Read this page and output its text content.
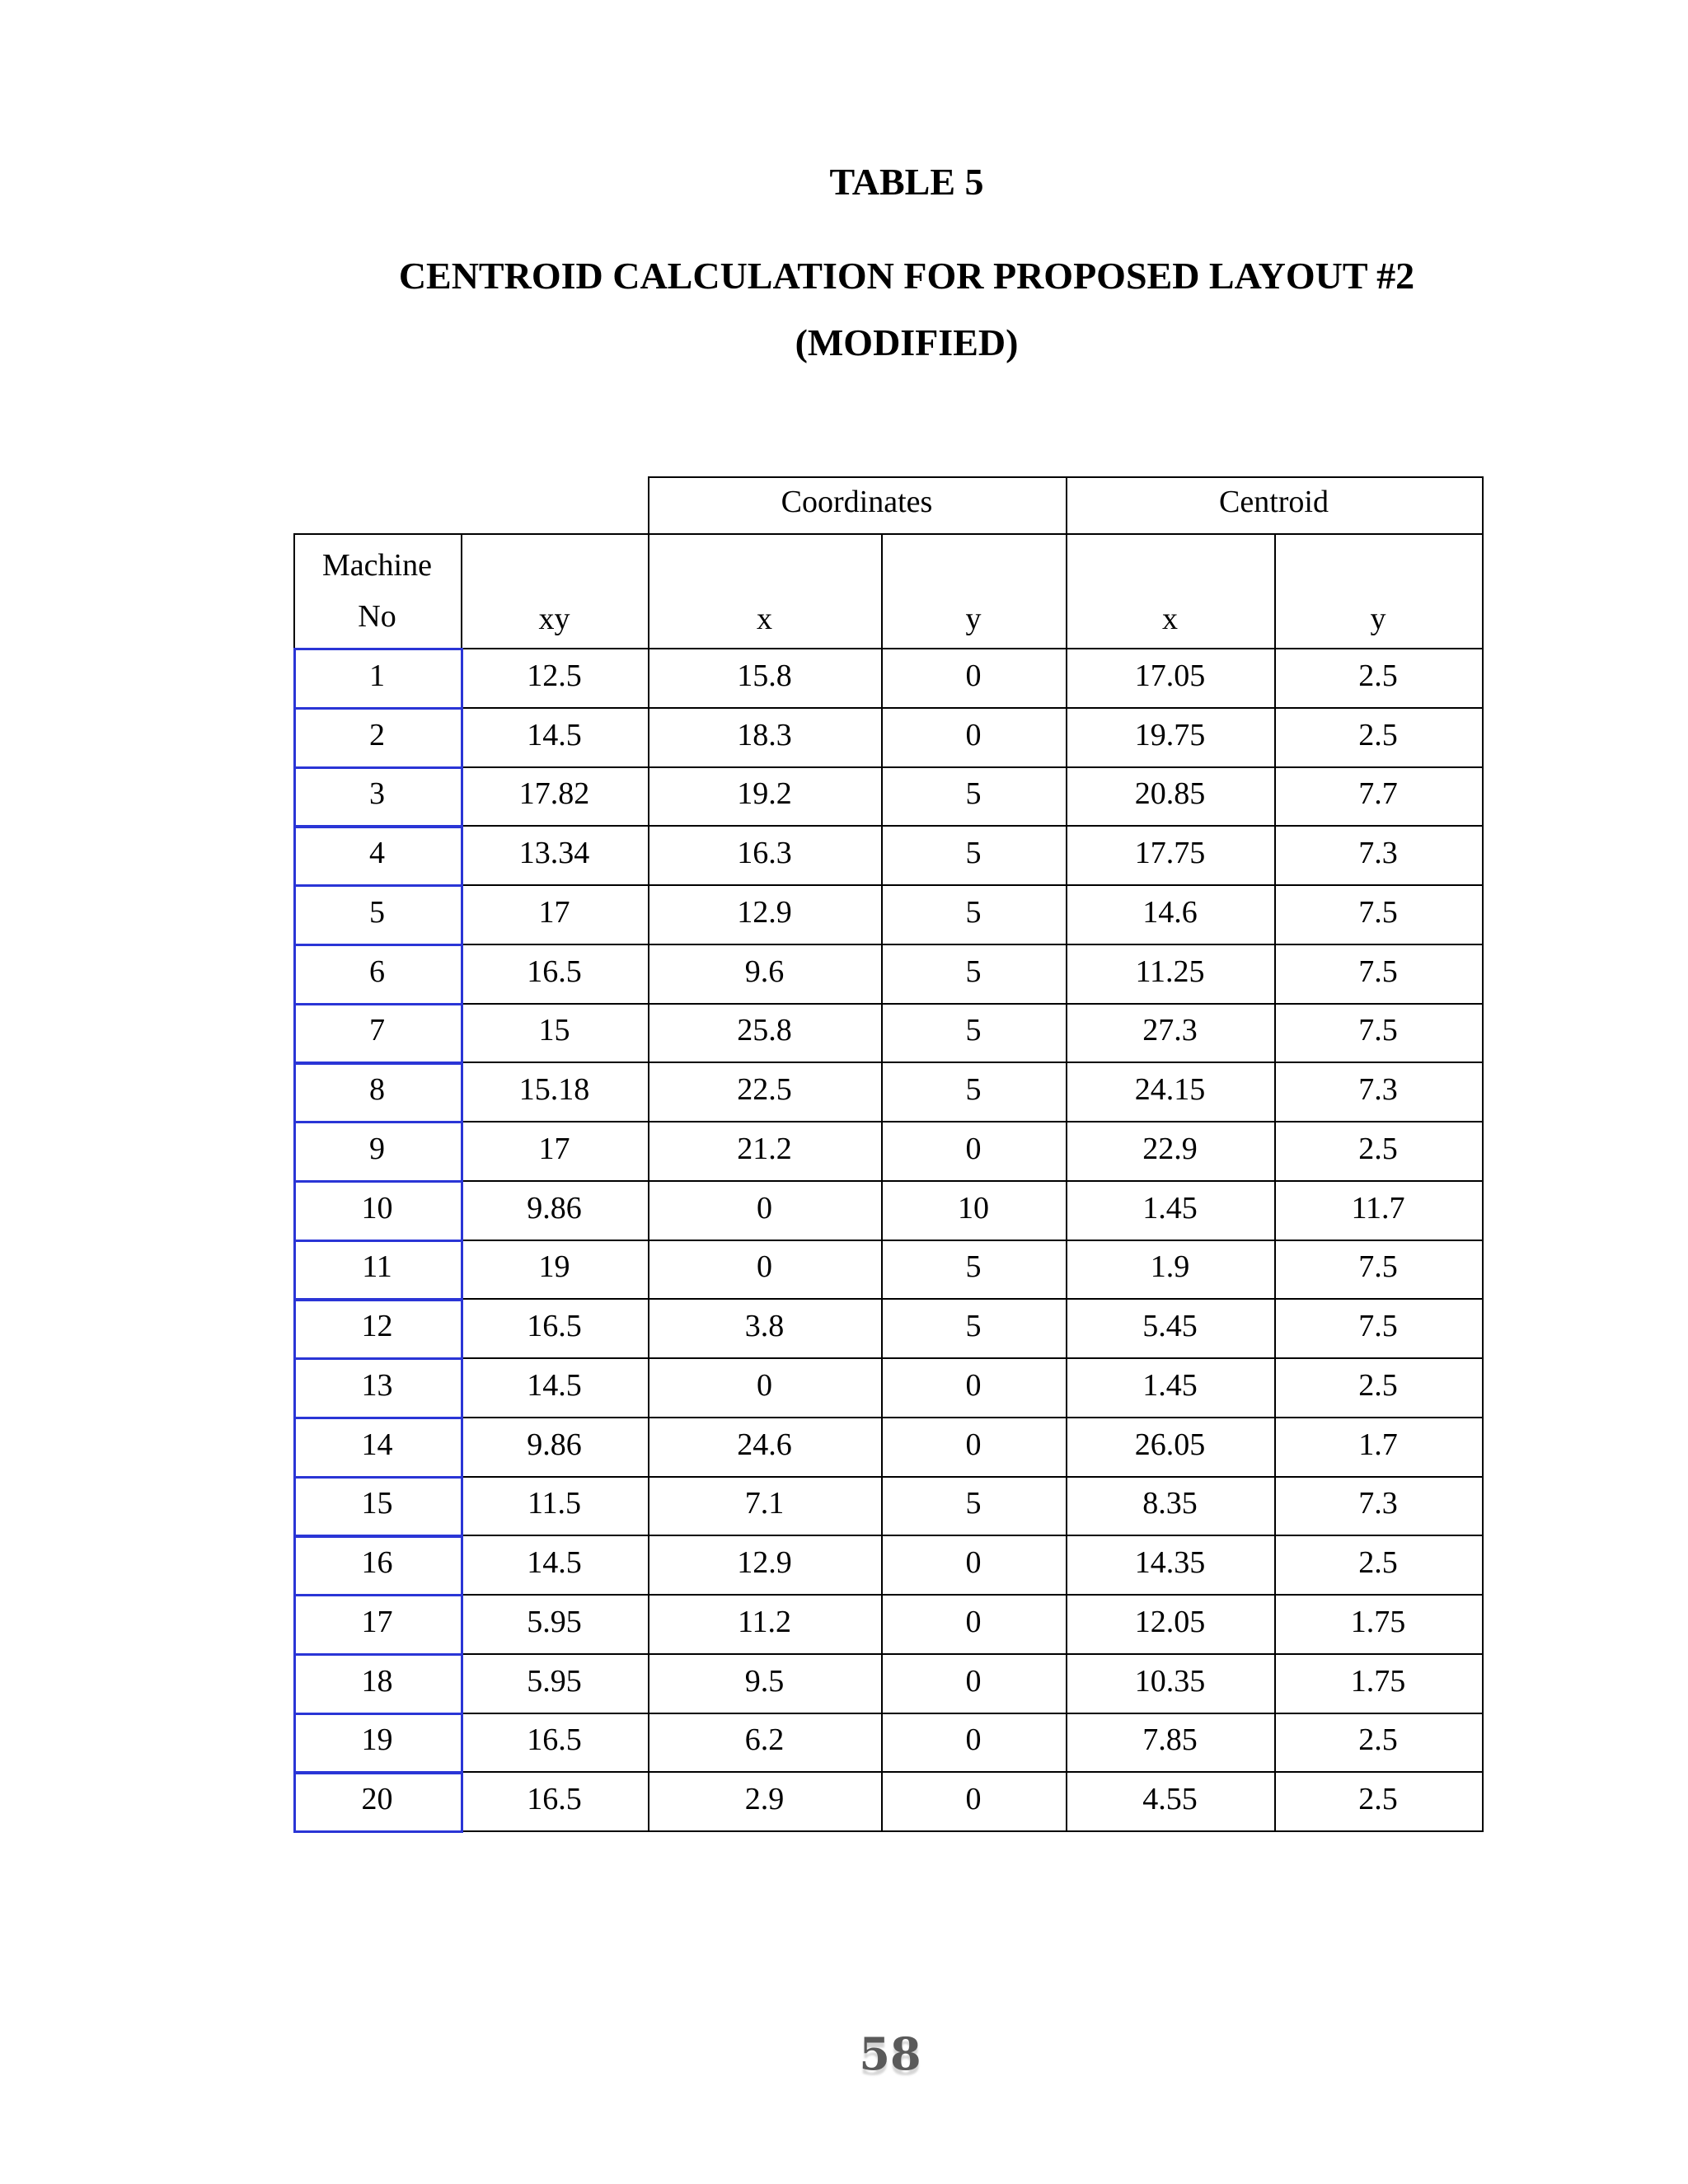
TABLE 5
CENTROID CALCULATION FOR PROPOSED LAYOUT #2
(MODIFIED)
Coordinates	Centroid
Machine
No	xy	x	y	x	y
1	12.5	15.8	0	17.05	2.5
2	14.5	18.3	0	19.75	2.5
3	17.82	19.2	5	20.85	7.7
4	13.34	16.3	5	17.75	7.3
5	17	12.9	5	14.6	7.5
6	16.5	9.6	5	11.25	7.5
7	15	25.8	5	27.3	7.5
8	15.18	22.5	5	24.15	7.3
9	17	21.2	0	22.9	2.5
10	9.86	0	10	1.45	11.7
11	19	0	5	1.9	7.5
12	16.5	3.8	5	5.45	7.5
13	14.5	0	0	1.45	2.5
14	9.86	24.6	0	26.05	1.7
15	11.5	7.1	5	8.35	7.3
16	14.5	12.9	0	14.35	2.5
17	5.95	11.2	0	12.05	1.75
18	5.95	9.5	0	10.35	1.75
19	16.5	6.2	0	7.85	2.5
20	16.5	2.9	0	4.55	2.5
58
